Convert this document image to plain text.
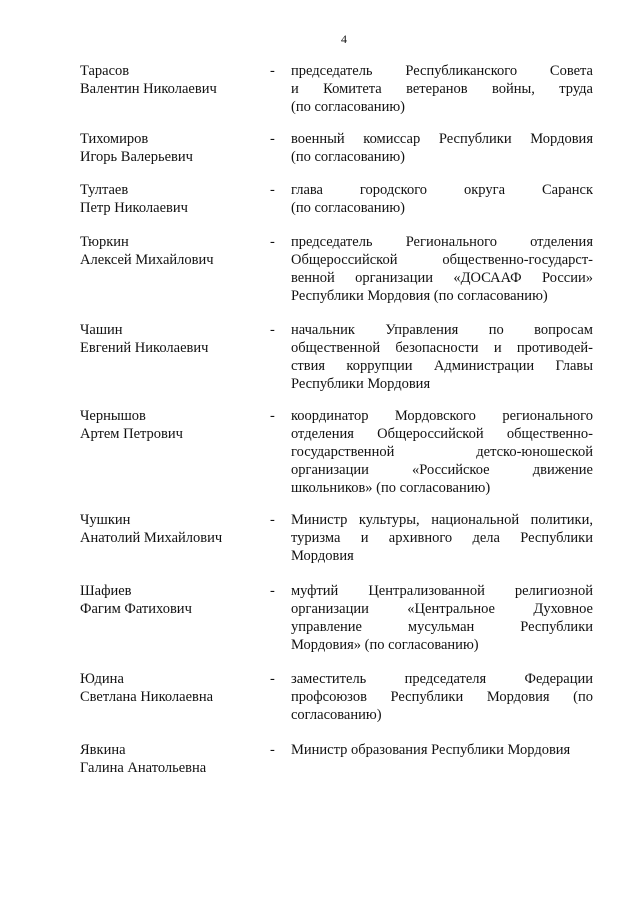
4
Тарасов
Валентин Николаевич
-	председатель Республиканского Совета
и Комитета ветеранов войны, труда
(по согласованию)
Тихомиров
Игорь Валерьевич
-	военный комиссар Республики Мордовия
(по согласованию)
Тултаев
Петр Николаевич
-	глава городского округа Саранск
(по согласованию)
Тюркин
Алексей Михайлович
-	председатель Регионального отделения
Общероссийской общественно-государст-
венной организации «ДОСААФ России»
Республики Мордовия (по согласованию)
Чашин
Евгений Николаевич
-	начальник Управления по вопросам
общественной безопасности и противодей-
ствия коррупции Администрации Главы
Республики Мордовия
Чернышов
Артем Петрович
-	координатор Мордовского регионального
отделения Общероссийской общественно-
государственной детско-юношеской
организации «Российское движение
школьников» (по согласованию)
Чушкин
Анатолий Михайлович
-	Министр культуры, национальной политики,
туризма и архивного дела Республики
Мордовия
Шафиев
Фагим Фатихович
-	муфтий Централизованной религиозной
организации «Центральное Духовное
управление мусульман Республики
Мордовия» (по согласованию)
Юдина
Светлана Николаевна
-	заместитель председателя Федерации
профсоюзов Республики Мордовия (по
согласованию)
Явкина
Галина Анатольевна
-	Министр образования Республики Мордовия
